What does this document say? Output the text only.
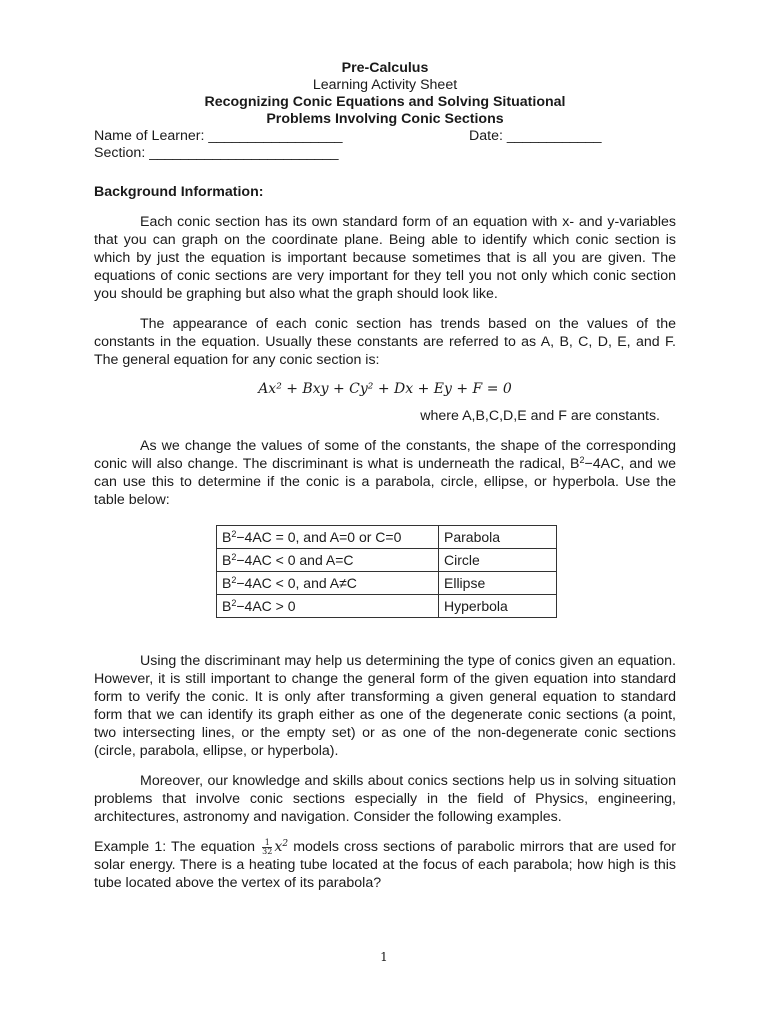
Pre-Calculus
Learning Activity Sheet
Recognizing Conic Equations and Solving Situational
Problems Involving Conic Sections
Name of Learner: _________________	Date: ____________
Section: ________________________
Background Information:

Each conic section has its own standard form of an equation with x- and y-variables that you can graph on the coordinate plane. Being able to identify which conic section is which by just the equation is important because sometimes that is all you are given. The equations of conic sections are very important for they tell you not only which conic section you should be graphing but also what the graph should look like.

The appearance of each conic section has trends based on the values of the constants in the equation. Usually these constants are referred to as A, B, C, D, E, and F. The general equation for any conic section is:

Ax² + Bxy + Cy² + Dx + Ey + F = 0
where A,B,C,D,E and F are constants.

As we change the values of some of the constants, the shape of the corresponding conic will also change. The discriminant is what is underneath the radical, $B^2-4AC$, and we can use this to determine if the conic is a parabola, circle, ellipse, or hyperbola. Use the table below:

$B^2-4AC = 0$, and A=0 or C=0	Parabola
$B^2-4AC < 0$ and A=C	Circle
$B^2-4AC < 0$, and A≠C	Ellipse
$B^2-4AC > 0$	Hyperbola

Using the discriminant may help us determining the type of conics given an equation. However, it is still important to change the general form of the given equation into standard form to verify the conic. It is only after transforming a given general equation to standard form that we can identify its graph either as one of the degenerate conic sections (a point, two intersecting lines, or the empty set) or as one of the non-degenerate conic sections (circle, parabola, ellipse, or hyperbola).

Moreover, our knowledge and skills about conics sections help us in solving situation problems that involve conic sections especially in the field of Physics, engineering, architectures, astronomy and navigation. Consider the following examples.

Example 1: The equation $\frac{1}{32} x^2$ models cross sections of parabolic mirrors that are used for solar energy. There is a heating tube located at the focus of each parabola; how high is this tube located above the vertex of its parabola?

1
